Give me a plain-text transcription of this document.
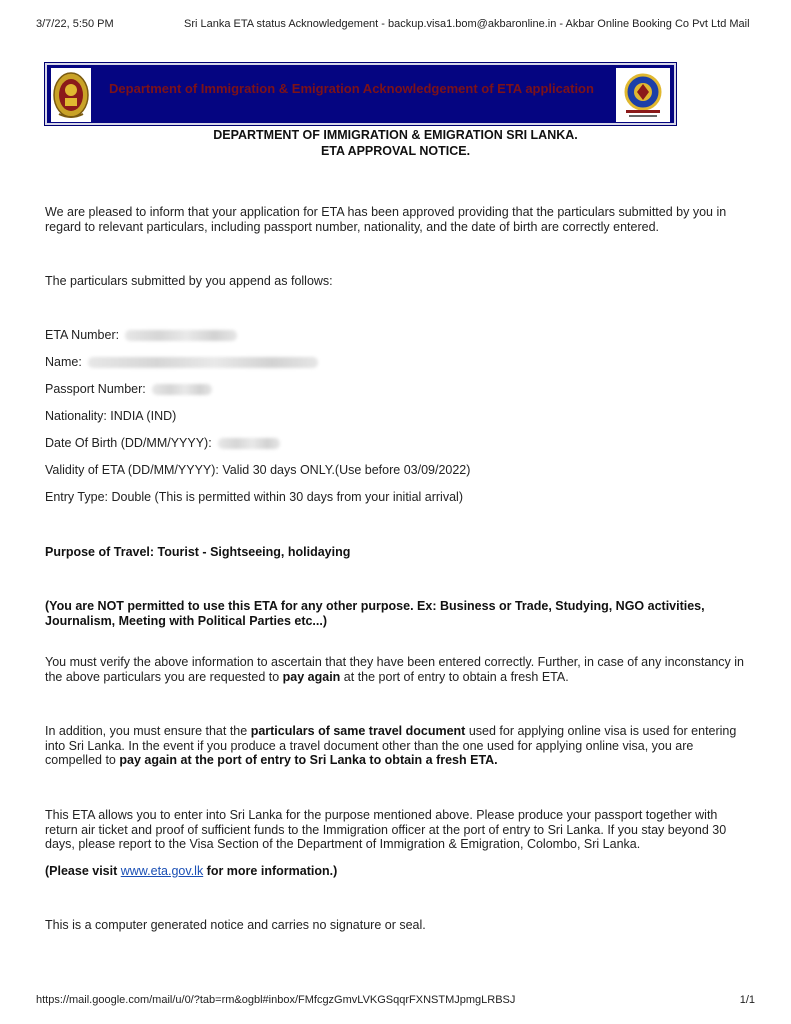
3/7/22, 5:50 PM	Sri Lanka ETA status Acknowledgement - backup.visa1.bom@akbaronline.in - Akbar Online Booking Co Pvt Ltd Mail
Department of Immigration & Emigration Acknowledgement of ETA application
DEPARTMENT OF IMMIGRATION & EMIGRATION SRI LANKA.
ETA APPROVAL NOTICE.
We are pleased to inform that your application for ETA has been approved providing that the particulars submitted by you in regard to relevant particulars, including passport number, nationality, and the date of birth are correctly entered.
The particulars submitted by you append as follows:
ETA Number:
Name:
Passport Number:
Nationality: INDIA (IND)
Date Of Birth (DD/MM/YYYY):
Validity of ETA (DD/MM/YYYY): Valid 30 days ONLY.(Use before 03/09/2022)
Entry Type: Double (This is permitted within 30 days from your initial arrival)
Purpose of Travel: Tourist - Sightseeing, holidaying
(You are NOT permitted to use this ETA for any other purpose. Ex: Business or Trade, Studying, NGO activities, Journalism, Meeting with Political Parties etc...)
You must verify the above information to ascertain that they have been entered correctly. Further, in case of any inconstancy in the above particulars you are requested to pay again at the port of entry to obtain a fresh ETA.
In addition, you must ensure that the particulars of same travel document used for applying online visa is used for entering into Sri Lanka. In the event if you produce a travel document other than the one used for applying online visa, you are compelled to pay again at the port of entry to Sri Lanka to obtain a fresh ETA.
This ETA allows you to enter into Sri Lanka for the purpose mentioned above. Please produce your passport together with return air ticket and proof of sufficient funds to the Immigration officer at the port of entry to Sri Lanka. If you stay beyond 30 days, please report to the Visa Section of the Department of Immigration & Emigration, Colombo, Sri Lanka.
(Please visit www.eta.gov.lk for more information.)
This is a computer generated notice and carries no signature or seal.
https://mail.google.com/mail/u/0/?tab=rm&ogbl#inbox/FMfcgzGmvLVKGSqqrFXNSTMJpmgLRBSJ	1/1
